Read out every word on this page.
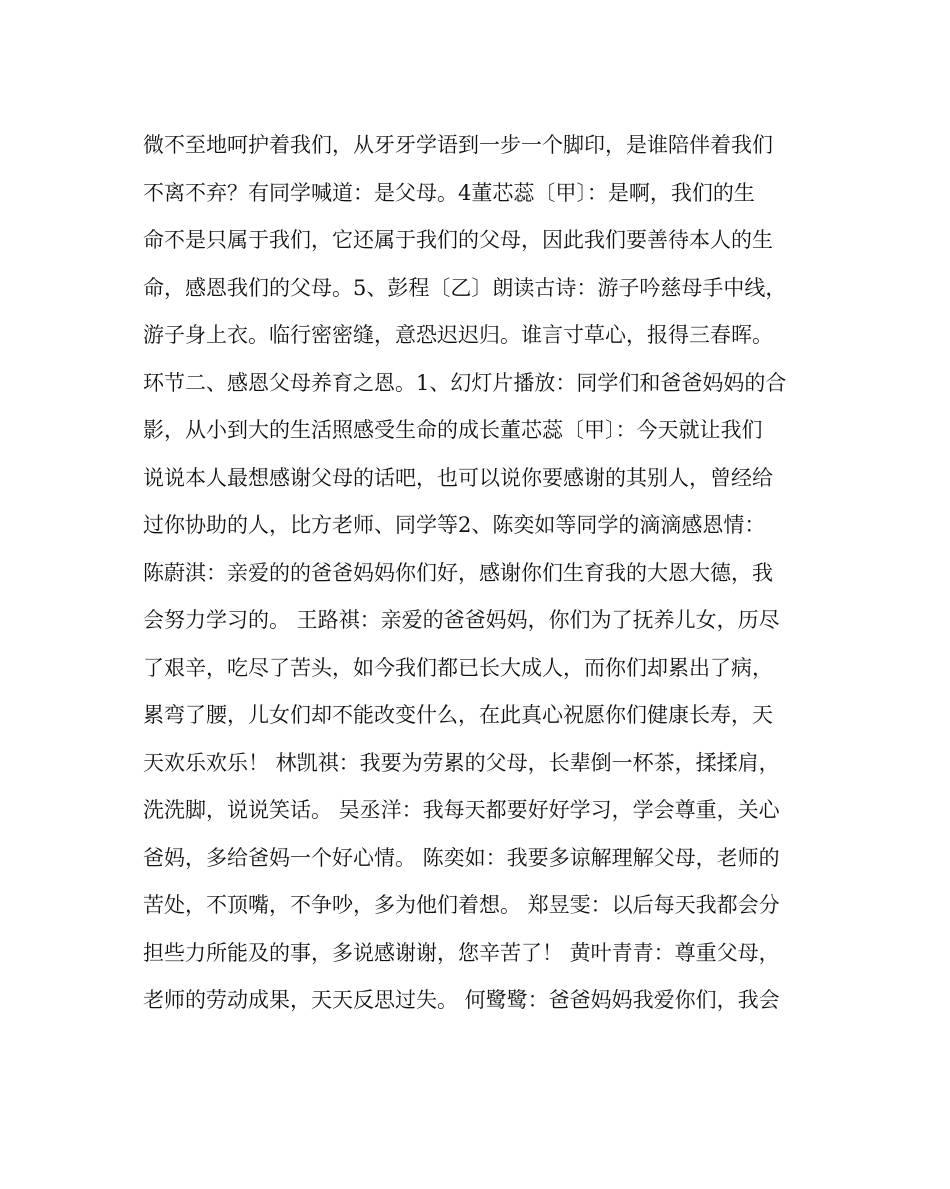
微不至地呵护着我们，从牙牙学语到一步一个脚印，是谁陪伴着我们
不离不弃？有同学喊道：是父母。4董芯蕊〔甲〕：是啊，我们的生
命不是只属于我们，它还属于我们的父母，因此我们要善待本人的生
命，感恩我们的父母。5、彭程〔乙〕朗读古诗：游子吟慈母手中线，
游子身上衣。临行密密缝，意恐迟迟归。谁言寸草心，报得三春晖。
环节二、感恩父母养育之恩。1、幻灯片播放：同学们和爸爸妈妈的合
影，从小到大的生活照感受生命的成长董芯蕊〔甲〕：今天就让我们
说说本人最想感谢父母的话吧，也可以说你要感谢的其别人，曾经给
过你协助的人，比方老师、同学等2、陈奕如等同学的滴滴感恩情：
陈蔚淇：亲爱的的爸爸妈妈你们好，感谢你们生育我的大恩大德，我
会努力学习的。 王路祺：亲爱的爸爸妈妈，你们为了抚养儿女，历尽
了艰辛，吃尽了苦头，如今我们都已长大成人，而你们却累出了病，
累弯了腰，儿女们却不能改变什么，在此真心祝愿你们健康长寿，天
天欢乐欢乐！ 林凯祺：我要为劳累的父母，长辈倒一杯茶，揉揉肩，
洗洗脚，说说笑话。 吴丞洋：我每天都要好好学习，学会尊重，关心
爸妈，多给爸妈一个好心情。 陈奕如：我要多谅解理解父母，老师的
苦处，不顶嘴，不争吵，多为他们着想。 郑昱雯：以后每天我都会分
担些力所能及的事，多说感谢谢，您辛苦了！ 黄叶青青：尊重父母，
老师的劳动成果，天天反思过失。 何鹭鹭：爸爸妈妈我爱你们，我会
